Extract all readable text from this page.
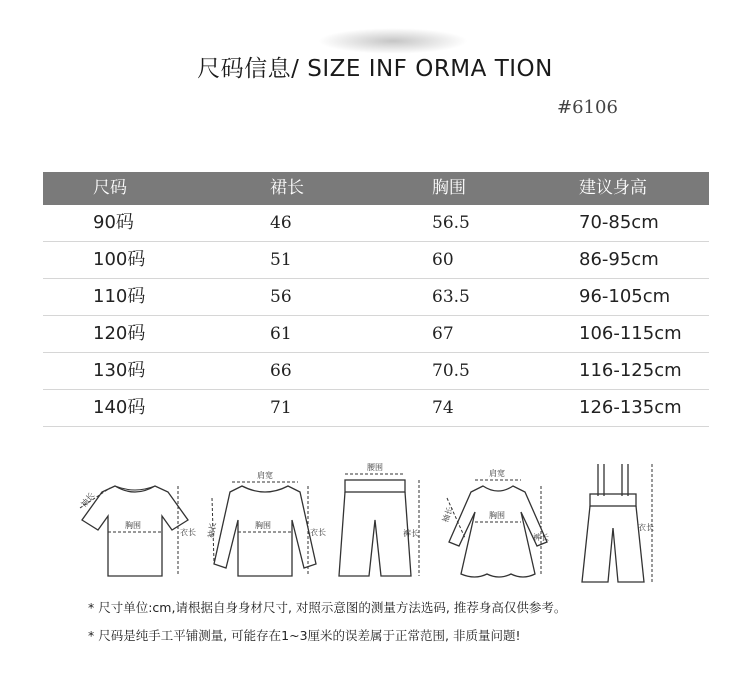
尺码信息/ SIZE INF ORMA TION
#6106
尺码	裙长	胸围	建议身高
90码	46	56.5	70-85cm
100码	51	60	86-95cm
110码	56	63.5	96-105cm
120码	61	67	106-115cm
130码	66	70.5	116-125cm
140码	71	74	126-135cm
袖长
胸围
衣长
肩宽
胸围
衣长
袖长
腰围
裤长
肩宽
胸围
裤长
袖长
衣长
* 尺寸单位:cm,请根据自身身材尺寸, 对照示意图的测量方法选码, 推荐身高仅供参考。
* 尺码是纯手工平铺测量, 可能存在1~3厘米的误差属于正常范围, 非质量问题!
